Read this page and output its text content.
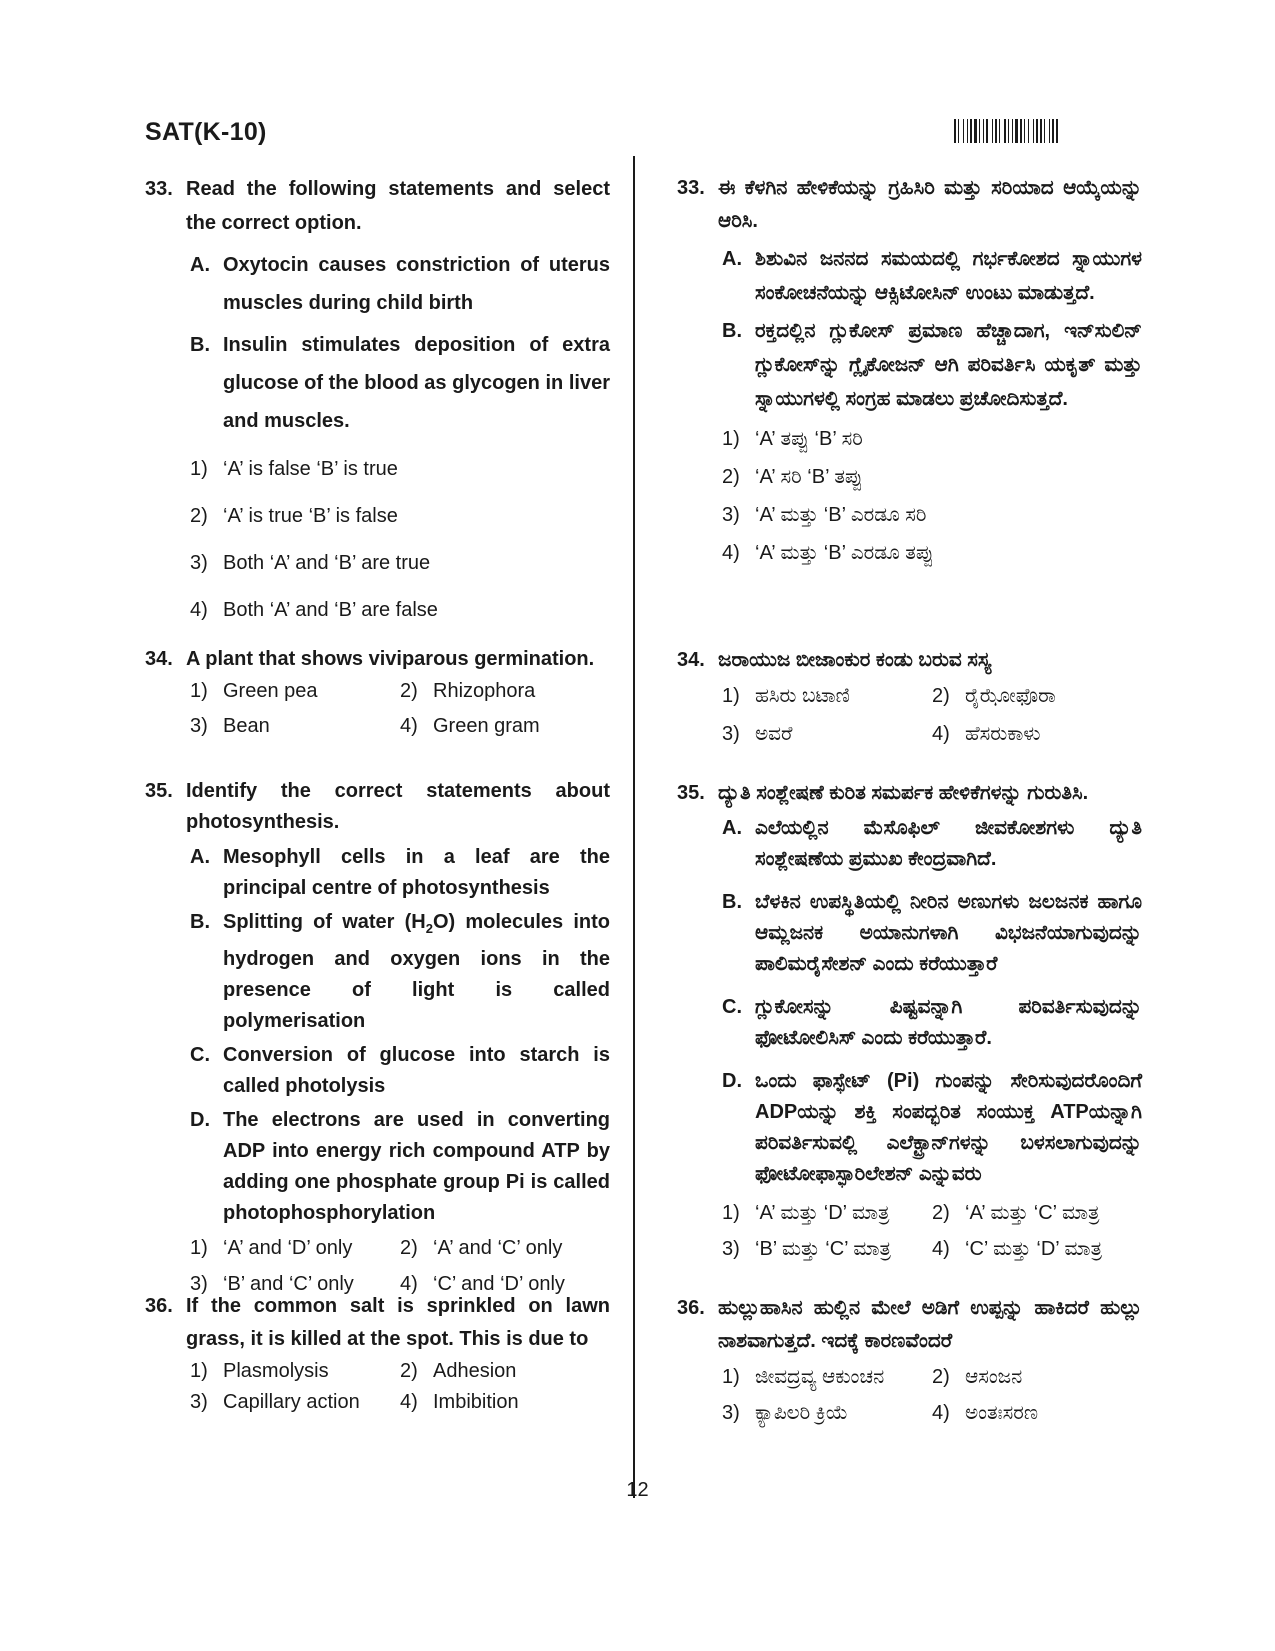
SAT(K-10)
33. Read the following statements and select the correct option.
A. Oxytocin causes constriction of uterus muscles during child birth
B. Insulin stimulates deposition of extra glucose of the blood as glycogen in liver and muscles.
1) ‘A’ is false ‘B’ is true
2) ‘A’ is true ‘B’ is false
3) Both ‘A’ and ‘B’ are true
4) Both ‘A’ and ‘B’ are false
34. A plant that shows viviparous germination.
1) Green pea	2) Rhizophora
3) Bean	4) Green gram
35. Identify the correct statements about photosynthesis.
A. Mesophyll cells in a leaf are the principal centre of photosynthesis
B. Splitting of water $(H_2O)$ molecules into hydrogen and oxygen ions in the presence of light is called polymerisation
C. Conversion of glucose into starch is called photolysis
D. The electrons are used in converting ADP into energy rich compound ATP by adding one phosphate group Pi is called photophosphorylation
1) ‘A’ and ‘D’ only 2) ‘A’ and ‘C’ only
3) ‘B’ and ‘C’ only 4) ‘C’ and ‘D’ only
36. If the common salt is sprinkled on lawn grass, it is killed at the spot. This is due to
1) Plasmolysis	2) Adhesion
3) Capillary action 4) Imbibition
33. ಈ ಕೆಳಗಿನ ಹೇಳಿಕೆಯನ್ನು ಗ್ರಹಿಸಿರಿ ಮತ್ತು ಸರಿಯಾದ ಆಯ್ಕೆಯನ್ನು ಆರಿಸಿ.
A. ಶಿಶುವಿನ ಜನನದ ಸಮಯದಲ್ಲಿ ಗರ್ಭಕೋಶದ ಸ್ನಾಯುಗಳ ಸಂಕೋಚನೆಯನ್ನು ಆಕ್ಸಿಟೋಸಿನ್ ಉಂಟು ಮಾಡುತ್ತದೆ.
B. ರಕ್ತದಲ್ಲಿನ ಗ್ಲುಕೋಸ್ ಪ್ರಮಾಣ ಹೆಚ್ಚಾದಾಗ, ಇನ್‌ಸುಲಿನ್ ಗ್ಲುಕೋಸ್‌ನ್ನು ಗ್ಲೈಕೋಜನ್ ಆಗಿ ಪರಿವರ್ತಿಸಿ ಯಕೃತ್ ಮತ್ತು ಸ್ನಾಯುಗಳಲ್ಲಿ ಸಂಗ್ರಹ ಮಾಡಲು ಪ್ರಚೋದಿಸುತ್ತದೆ.
1) ‘A’ ತಪ್ಪು ‘B’ ಸರಿ
2) ‘A’ ಸರಿ ‘B’ ತಪ್ಪು
3) ‘A’ ಮತ್ತು ‘B’ ಎರಡೂ ಸರಿ
4) ‘A’ ಮತ್ತು ‘B’ ಎರಡೂ ತಪ್ಪು
34. ಜರಾಯುಜ ಬೀಜಾಂಕುರ ಕಂಡು ಬರುವ ಸಸ್ಯ
1) ಹಸಿರು ಬಟಾಣಿ	2) ರೈಝೋಫೊರಾ
3) ಅವರೆ	4) ಹೆಸರುಕಾಳು
35. ದ್ಯುತಿ ಸಂಶ್ಲೇಷಣೆ ಕುರಿತ ಸಮರ್ಪಕ ಹೇಳಿಕೆಗಳನ್ನು ಗುರುತಿಸಿ.
A. ಎಲೆಯಲ್ಲಿನ ಮೆಸೊಫಿಲ್ ಜೀವಕೋಶಗಳು ದ್ಯುತಿ ಸಂಶ್ಲೇಷಣೆಯ ಪ್ರಮುಖ ಕೇಂದ್ರವಾಗಿದೆ.
B. ಬೆಳಕಿನ ಉಪಸ್ಥಿತಿಯಲ್ಲಿ ನೀರಿನ ಅಣುಗಳು ಜಲಜನಕ ಹಾಗೂ ಆಮ್ಲಜನಕ ಅಯಾನುಗಳಾಗಿ ವಿಭಜನೆಯಾಗುವುದನ್ನು ಪಾಲಿಮರೈಸೇಶನ್ ಎಂದು ಕರೆಯುತ್ತಾರೆ
C. ಗ್ಲುಕೋಸನ್ನು ಪಿಷ್ಟವನ್ನಾಗಿ ಪರಿವರ್ತಿಸುವುದನ್ನು ಫೋಟೋಲಿಸಿಸ್ ಎಂದು ಕರೆಯುತ್ತಾರೆ.
D. ಒಂದು ಫಾಸ್ಫೇಟ್ (Pi) ಗುಂಪನ್ನು ಸೇರಿಸುವುದರೊಂದಿಗೆ ADPಯನ್ನು ಶಕ್ತಿ ಸಂಪದ್ಭರಿತ ಸಂಯುಕ್ತ ATPಯನ್ನಾಗಿ ಪರಿವರ್ತಿಸುವಲ್ಲಿ ಎಲೆಕ್ಟ್ರಾನ್‌ಗಳನ್ನು ಬಳಸಲಾಗುವುದನ್ನು ಫೋಟೋಫಾಸ್ಫಾರಿಲೇಶನ್ ಎನ್ನುವರು
1) ‘A’ ಮತ್ತು ‘D’ ಮಾತ್ರ 2) ‘A’ ಮತ್ತು ‘C’ ಮಾತ್ರ
3) ‘B’ ಮತ್ತು ‘C’ ಮಾತ್ರ 4) ‘C’ ಮತ್ತು ‘D’ ಮಾತ್ರ
36. ಹುಲ್ಲುಹಾಸಿನ ಹುಲ್ಲಿನ ಮೇಲೆ ಅಡಿಗೆ ಉಪ್ಪನ್ನು ಹಾಕಿದರೆ ಹುಲ್ಲು ನಾಶವಾಗುತ್ತದೆ. ಇದಕ್ಕೆ ಕಾರಣವೆಂದರೆ
1) ಜೀವದ್ರವ್ಯ ಆಕುಂಚನ 2) ಆಸಂಜನ
3) ಕ್ಯಾಪಿಲರಿ ಕ್ರಿಯೆ	4) ಅಂತಃಸರಣ
12
